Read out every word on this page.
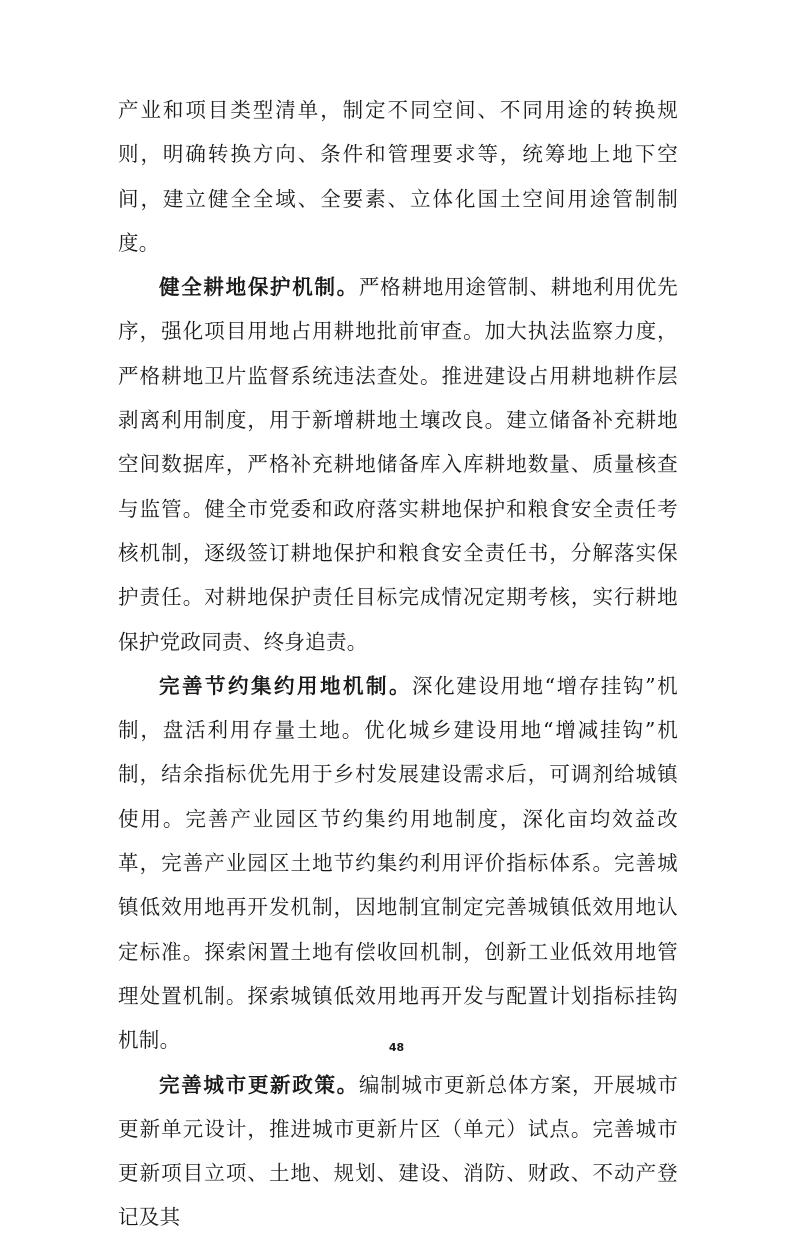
产业和项目类型清单，制定不同空间、不同用途的转换规则，明确转换方向、条件和管理要求等，统筹地上地下空间，建立健全全域、全要素、立体化国土空间用途管制制度。

健全耕地保护机制。严格耕地用途管制、耕地利用优先序，强化项目用地占用耕地批前审查。加大执法监察力度，严格耕地卫片监督系统违法查处。推进建设占用耕地耕作层剥离利用制度，用于新增耕地土壤改良。建立储备补充耕地空间数据库，严格补充耕地储备库入库耕地数量、质量核查与监管。健全市党委和政府落实耕地保护和粮食安全责任考核机制，逐级签订耕地保护和粮食安全责任书，分解落实保护责任。对耕地保护责任目标完成情况定期考核，实行耕地保护党政同责、终身追责。

完善节约集约用地机制。深化建设用地“增存挂钩”机制，盘活利用存量土地。优化城乡建设用地“增减挂钩”机制，结余指标优先用于乡村发展建设需求后，可调剂给城镇使用。完善产业园区节约集约用地制度，深化亩均效益改革，完善产业园区土地节约集约利用评价指标体系。完善城镇低效用地再开发机制，因地制宜制定完善城镇低效用地认定标准。探索闲置土地有偿收回机制，创新工业低效用地管理处置机制。探索城镇低效用地再开发与配置计划指标挂钩机制。

完善城市更新政策。编制城市更新总体方案，开展城市更新单元设计，推进城市更新片区（单元）试点。完善城市更新项目立项、土地、规划、建设、消防、财政、不动产登记及其

48
